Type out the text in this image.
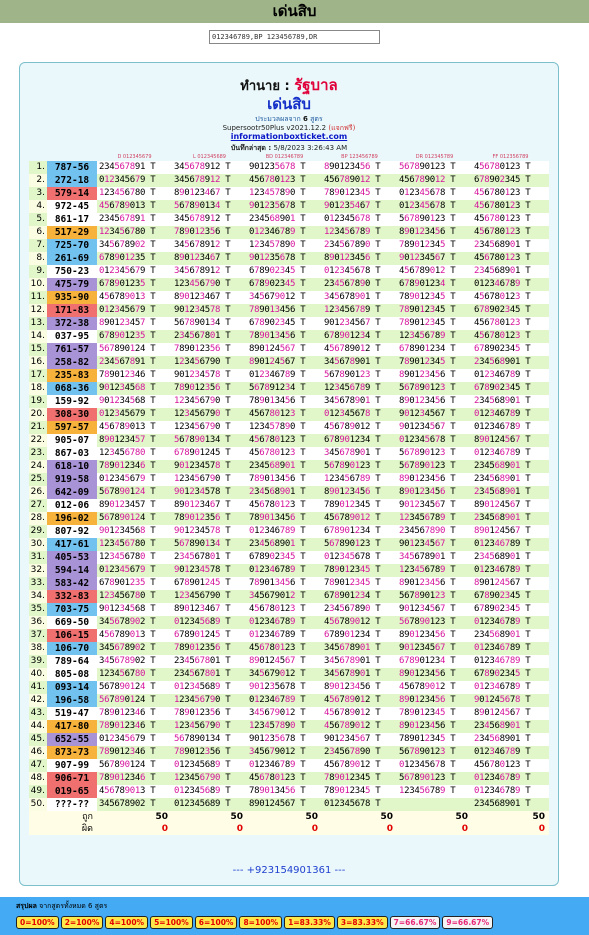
เด่นสิบ
012346789,BP 123456789,DR
ทำนาย : รัฐบาล
เด่นสิบ
ประมวลผลจาก 6 สูตร
Supersootr50Plus v2021.12.2 (แจกฟรี)
informationboxticket.com
บันทึกล่าสุด : 5/8/2023 3:26:43 AM
		D 012345679	L 012345689	BD 012346789	BP 123456789	DR 012345789	FF 012356789
1.	787-56	234567891 T	345678912 T	901235678 T	890123456 T	567890123 T	456780123 T
2.	272-18	012345679 T	345678912 T	456780123 T	456789012 T	456789012 T	678902345 T
3.	579-14	123456780 T	890123467 T	123457890 T	789012345 T	012345678 T	456780123 T
4.	972-45	456789013 T	567890134 T	901235678 T	901235467 T	012345678 T	456780123 T
5.	861-17	234567891 T	345678912 T	234568901 T	012345678 T	567890123 T	456780123 T
6.	517-29	123456780 T	789012356 T	012346789 T	123456789 T	890123456 T	456780123 T
7.	725-70	345678902 T	345678912 T	123457890 T	234567890 T	789012345 T	234568901 T
8.	261-69	678901235 T	890123467 T	901235678 T	890123456 T	901234567 T	456780123 T
9.	750-23	012345679 T	345678912 T	678902345 T	012345678 T	456789012 T	234568901 T
10.	475-79	678901235 T	123456790 T	678902345 T	234567890 T	678901234 T	012346789 T
11.	935-90	456789013 T	890123467 T	345679012 T	345678901 T	789012345 T	456780123 T
12.	171-83	012345679 T	901234578 T	789013456 T	123456789 T	789012345 T	678902345 T
13.	372-38	890123457 T	567890134 T	678902345 T	901234567 T	789012345 T	456780123 T
14.	037-95	678901235 T	234567801 T	789013456 T	678901234 T	123456789 T	456780123 T
15.	761-57	567890124 T	789012356 T	890124567 T	456789012 T	678901234 T	678902345 T
16.	258-82	234567891 T	123456790 T	890124567 T	345678901 T	789012345 T	234568901 T
17.	235-83	789012346 T	901234578 T	012346789 T	567890123 T	890123456 T	012346789 T
18.	068-36	901234568 T	789012356 T	567891234 T	123456789 T	567890123 T	678902345 T
19.	159-92	901234568 T	123456790 T	789013456 T	345678901 T	890123456 T	234568901 T
20.	308-30	012345679 T	123456790 T	456780123 T	012345678 T	901234567 T	012346789 T
21.	597-57	456789013 T	123456790 T	123457890 T	456789012 T	901234567 T	012346789 T
22.	905-07	890123457 T	567890134 T	456780123 T	678901234 T	012345678 T	890124567 T
23.	867-03	123456780 T	678901245 T	456780123 T	345678901 T	567890123 T	012346789 T
24.	618-10	789012346 T	901234578 T	234568901 T	567890123 T	567890123 T	234568901 T
25.	919-58	012345679 T	123456790 T	789013456 T	123456789 T	890123456 T	234568901 T
26.	642-09	567890124 T	901234578 T	234568901 T	890123456 T	890123456 T	234568901 T
27.	012-06	890123457 T	890123467 T	456780123 T	789012345 T	901234567 T	890124567 T
28.	196-02	567890124 T	789012356 T	789013456 T	456789012 T	123456789 T	234568901 T
29.	807-92	901234568 T	901234578 T	012346789 T	678901234 T	234567890 T	890124567 T
30.	417-61	123456780 T	567890134 T	234568901 T	567890123 T	901234567 T	012346789 T
31.	405-53	123456780 T	234567801 T	678902345 T	012345678 T	345678901 T	234568901 T
32.	594-14	012345679 T	901234578 T	012346789 T	789012345 T	123456789 T	012346789 T
33.	583-42	678901235 T	678901245 T	789013456 T	789012345 T	890123456 T	890124567 T
34.	332-83	123456780 T	123456790 T	345679012 T	678901234 T	567890123 T	678902345 T
35.	703-75	901234568 T	890123467 T	456780123 T	234567890 T	901234567 T	678902345 T
36.	669-50	345678902 T	012345689 T	012346789 T	456789012 T	567890123 T	012346789 T
37.	106-15	456789013 T	678901245 T	012346789 T	678901234 T	890123456 T	234568901 T
38.	106-70	345678902 T	789012356 T	456780123 T	345678901 T	901234567 T	012346789 T
39.	789-64	345678902 T	234567801 T	890124567 T	345678901 T	678901234 T	012346789 T
40.	805-08	123456780 T	234567801 T	345679012 T	345678901 T	890123456 T	678902345 T
41.	093-14	567890124 T	012345689 T	901235678 T	890123456 T	456789012 T	012346789 T
42.	196-58	567890124 T	123456790 T	012346789 T	456789012 T	890123456 T	901245678 T
43.	519-47	789012346 T	789012356 T	345679012 T	456789012 T	789012345 T	890124567 T
44.	417-80	789012346 T	123456790 T	123457890 T	456789012 T	890123456 T	234568901 T
45.	652-55	012345679 T	567890134 T	901235678 T	901234567 T	789012345 T	234568901 T
46.	873-73	789012346 T	789012356 T	345679012 T	234567890 T	567890123 T	012346789 T
47.	907-99	567890124 T	012345689 T	012346789 T	456789012 T	012345678 T	456780123 T
48.	906-71	789012346 T	123456790 T	456780123 T	789012345 T	567890123 T	012346789 T
49.	019-65	456789013 T	012345689 T	789013456 T	789012345 T	123456789 T	012346789 T
50.	???-??	345678902 T	012345689 T	890124567 T	012345678 T		234568901 T
ถูก		50	50	50	50	50	50
ผิด		0	0	0	0	0	0
--- +923154901361 ---
สรุปผล จากสูตรทั้งหมด 6 สูตร
0=100% 2=100% 4=100% 5=100% 6=100% 8=100% 1=83.33% 3=83.33% 7=66.67% 9=66.67%
